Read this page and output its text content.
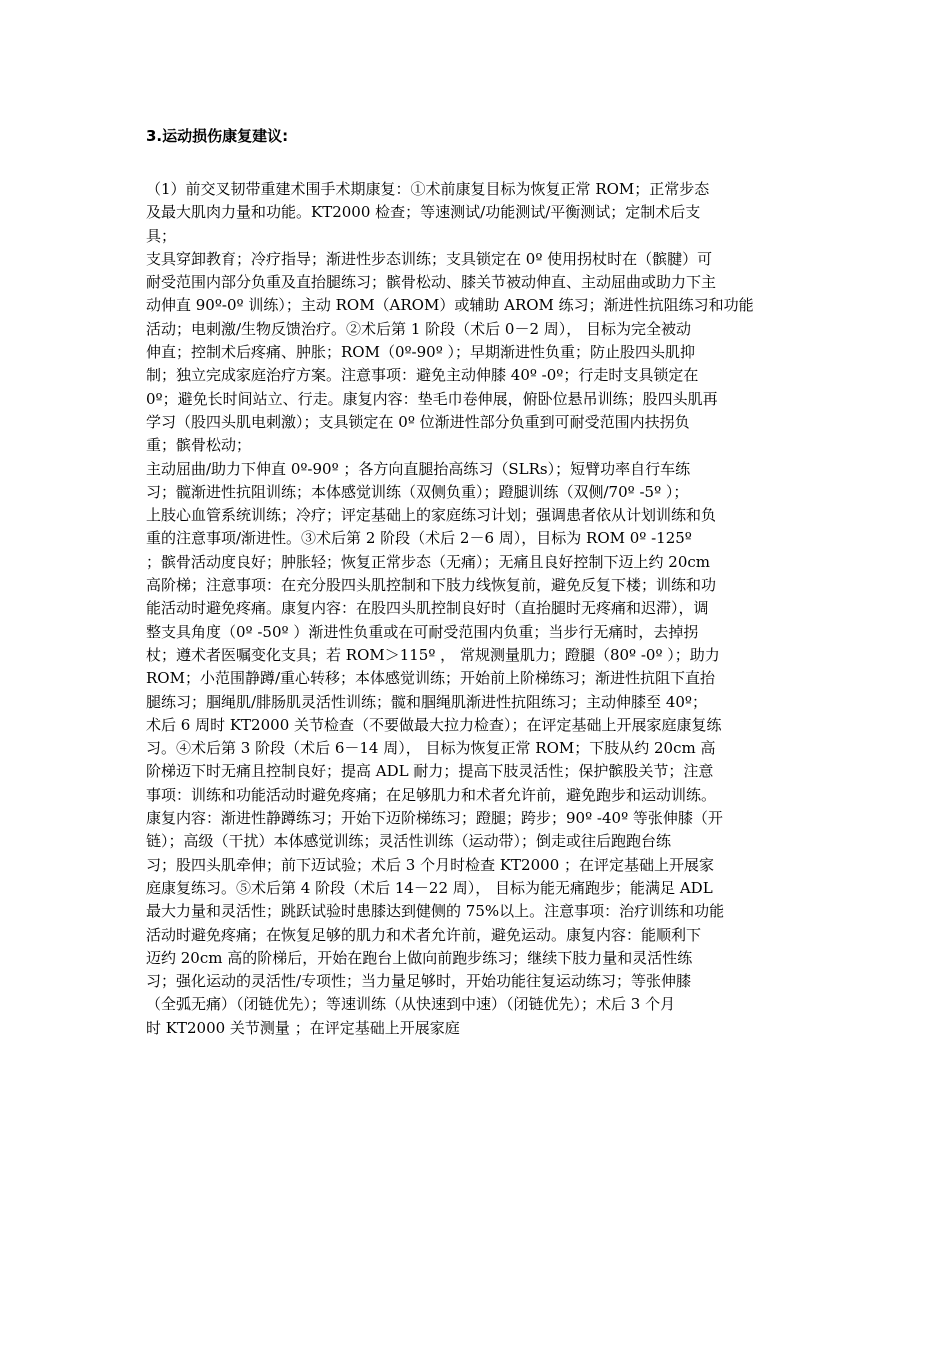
3.运动损伤康复建议:
（1）前交叉韧带重建术围手术期康复：①术前康复目标为恢复正常 ROM；正常步态
及最大肌肉力量和功能。KT2000 检查；等速测试/功能测试/平衡测试；定制术后支
具；
支具穿卸教育；冷疗指导；渐进性步态训练；支具锁定在 0º 使用拐杖时在（髌腱）可
耐受范围内部分负重及直抬腿练习；髌骨松动、膝关节被动伸直、主动屈曲或助力下主
动伸直 90º-0º 训练）；主动 ROM（AROM）或辅助 AROM 练习；渐进性抗阻练习和功能
活动；电刺激/生物反馈治疗。②术后第 1 阶段（术后 0－2 周）， 目标为完全被动
伸直；控制术后疼痛、肿胀；ROM（0º-90º ）；早期渐进性负重；防止股四头肌抑
制；独立完成家庭治疗方案。注意事项：避免主动伸膝 40º -0º；行走时支具锁定在
0º；避免长时间站立、行走。康复内容：垫毛巾卷伸展，俯卧位悬吊训练；股四头肌再
学习（股四头肌电刺激）；支具锁定在 0º 位渐进性部分负重到可耐受范围内扶拐负
重；髌骨松动；
主动屈曲/助力下伸直 0º-90º ；各方向直腿抬高练习（SLRs）；短臂功率自行车练
习；髋渐进性抗阻训练；本体感觉训练（双侧负重）；蹬腿训练（双侧/70º -5º ）；
上肢心血管系统训练；冷疗；评定基础上的家庭练习计划；强调患者依从计划训练和负
重的注意事项/渐进性。③术后第 2 阶段（术后 2－6 周），目标为 ROM 0º -125º
；髌骨活动度良好；肿胀轻；恢复正常步态（无痛）；无痛且良好控制下迈上约 20cm
高阶梯；注意事项：在充分股四头肌控制和下肢力线恢复前，避免反复下楼；训练和功
能活动时避免疼痛。康复内容：在股四头肌控制良好时（直抬腿时无疼痛和迟滞），调
整支具角度（0º -50º ）渐进性负重或在可耐受范围内负重；当步行无痛时，去掉拐
杖；遵术者医嘱变化支具；若 ROM＞115º ， 常规测量肌力；蹬腿（80º -0º ）；助力
ROM；小范围静蹲/重心转移；本体感觉训练；开始前上阶梯练习；渐进性抗阻下直抬
腿练习；腘绳肌/腓肠肌灵活性训练；髋和腘绳肌渐进性抗阻练习；主动伸膝至 40º；
术后 6 周时 KT2000 关节检查（不要做最大拉力检查）；在评定基础上开展家庭康复练
习。④术后第 3 阶段（术后 6－14 周）， 目标为恢复正常 ROM；下肢从约 20cm 高
阶梯迈下时无痛且控制良好；提高 ADL 耐力；提高下肢灵活性；保护髌股关节；注意
事项：训练和功能活动时避免疼痛；在足够肌力和术者允许前，避免跑步和运动训练。
康复内容：渐进性静蹲练习；开始下迈阶梯练习；蹬腿；跨步；90º -40º 等张伸膝（开
链）；高级（干扰）本体感觉训练；灵活性训练（运动带）；倒走或往后跑跑台练
习；股四头肌牵伸；前下迈试验；术后 3 个月时检查 KT2000 ；在评定基础上开展家
庭康复练习。⑤术后第 4 阶段（术后 14－22 周）， 目标为能无痛跑步；能满足 ADL
最大力量和灵活性；跳跃试验时患膝达到健侧的 75%以上。注意事项：治疗训练和功能
活动时避免疼痛；在恢复足够的肌力和术者允许前，避免运动。康复内容：能顺利下
迈约 20cm 高的阶梯后，开始在跑台上做向前跑步练习；继续下肢力量和灵活性练
习；强化运动的灵活性/专项性；当力量足够时，开始功能往复运动练习；等张伸膝
（全弧无痛）（闭链优先）；等速训练（从快速到中速）（闭链优先）；术后 3 个月
时 KT2000 关节测量 ；在评定基础上开展家庭
